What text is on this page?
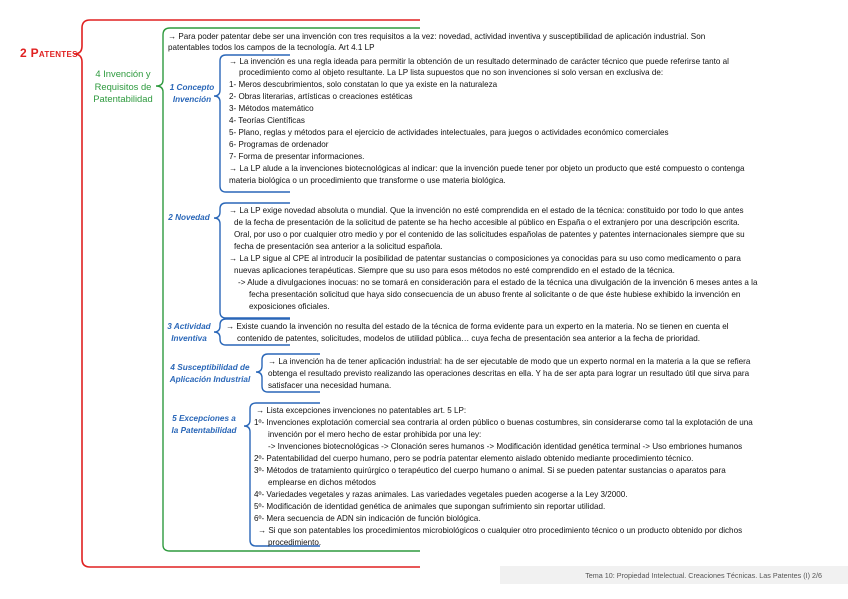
2 Patentes
4 Invención y
Requisitos de
Patentabilidad
→ Para poder patentar debe ser una invención con tres requisitos a la vez: novedad, actividad inventiva y susceptibilidad de aplicación industrial. Son
patentables todos los campos de la tecnología. Art 4.1 LP
1 Concepto
Invención
→ La invención es una regla ideada para permitir la obtención de un resultado determinado de carácter técnico que puede referirse tanto al
procedimiento como al objeto resultante. La LP lista supuestos que no son invenciones si solo versan en exclusiva de:
1- Meros descubrimientos, solo constatan lo que ya existe en la naturaleza
2- Obras literarias, artísticas o creaciones estéticas
3- Métodos matemático
4- Teorías Científicas
5- Plano, reglas y métodos para el ejercicio de actividades intelectuales, para juegos o actividades económico comerciales
6- Programas de ordenador
7- Forma de presentar informaciones.
→ La LP alude a la invenciones biotecnológicas al indicar: que la invención puede tener por objeto un producto que esté compuesto o contenga
materia biológica o un procedimiento que transforme o use materia biológica.
2 Novedad
→ La LP exige novedad absoluta o mundial. Que la invención no esté comprendida en el estado de la técnica: constituido por todo lo que antes
de la fecha de presentación de la solicitud de patente se ha hecho accesible al público en España o el extranjero por una descripción escrita.
Oral, por uso o por cualquier otro medio y por el contenido de las solicitudes españolas de patentes y patentes internacionales siempre que su
fecha de presentación sea anterior a la solicitud española.
→ La LP sigue al CPE al introducir la posibilidad de patentar sustancias o composiciones ya conocidas para su uso como medicamento o para
nuevas aplicaciones terapéuticas. Siempre que su uso para esos métodos no esté comprendido en el estado de la técnica.
-> Alude a divulgaciones inocuas: no se tomará en consideración para el estado de la técnica una divulgación de la invención 6 meses antes a la
fecha presentación solicitud que haya sido consecuencia de un abuso frente al solicitante o de que éste hubiese exhibido la invención en
exposiciones oficiales.
3 Actividad
Inventiva
→ Existe cuando la invención no resulta del estado de la técnica de forma evidente para un experto en la materia. No se tienen en cuenta el
contenido de patentes, solicitudes, modelos de utilidad pública… cuya fecha de presentación sea anterior a la fecha de prioridad.
4 Susceptibilidad de
Aplicación Industrial
→ La invención ha de tener aplicación industrial: ha de ser ejecutable de modo que un experto normal en la materia a la que se refiera
obtenga el resultado previsto realizando las operaciones descritas en ella. Y ha de ser apta para lograr un resultado útil que sirva para
satisfacer una necesidad humana.
5 Excepciones a
la Patentabilidad
→ Lista excepciones invenciones no patentables art. 5 LP:
1º- Invenciones explotación comercial sea contraria al orden público o buenas costumbres, sin considerarse como tal la explotación de una
invención por el mero hecho de estar prohibida por una ley:
-> Invenciones biotecnológicas -> Clonación seres humanos -> Modificación identidad genética terminal -> Uso embriones humanos
2º- Patentabilidad del cuerpo humano, pero se podría patentar elemento aislado obtenido mediante procedimiento técnico.
3º- Métodos de tratamiento quirúrgico o terapéutico del cuerpo humano o animal. Si se pueden patentar sustancias o aparatos para
emplearse en dichos métodos
4º- Variedades vegetales y razas animales. Las variedades vegetales pueden acogerse a la Ley 3/2000.
5º- Modificación de identidad genética de animales que supongan sufrimiento sin reportar utilidad.
6º- Mera secuencia de ADN sin indicación de función biológica.
→ Si que son patentables los procedimientos microbiológicos o cualquier otro procedimiento técnico o un producto obtenido por dichos
procedimiento.
Tema 10: Propiedad Intelectual. Creaciones Técnicas. Las Patentes (I) 2/6
